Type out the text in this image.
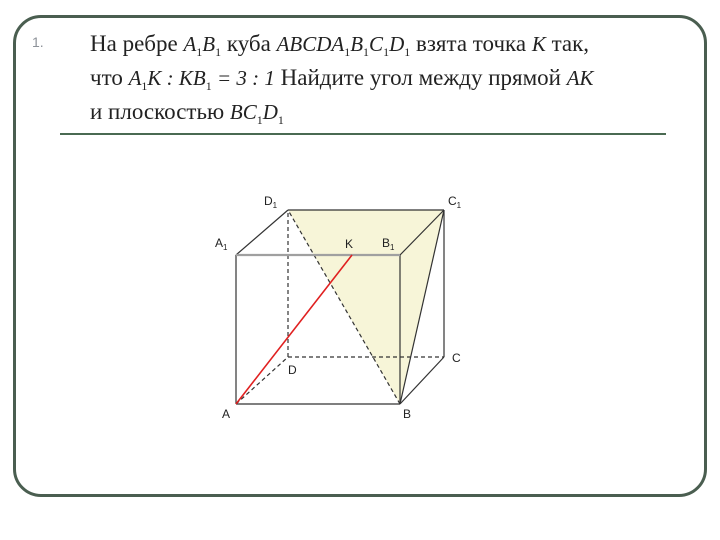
1. На ребре $A_1B_1$ куба $ABCDA_1B_1C_1D_1$ взята точка K так,
что $A_1K$ : $KB_1 = 3$ : 1 Найдите угол между прямой AK
и плоскостью $BC_1D_1$
A	B
C
D
$A_1$	$B_1$
$C_1$
$D_1$
K
